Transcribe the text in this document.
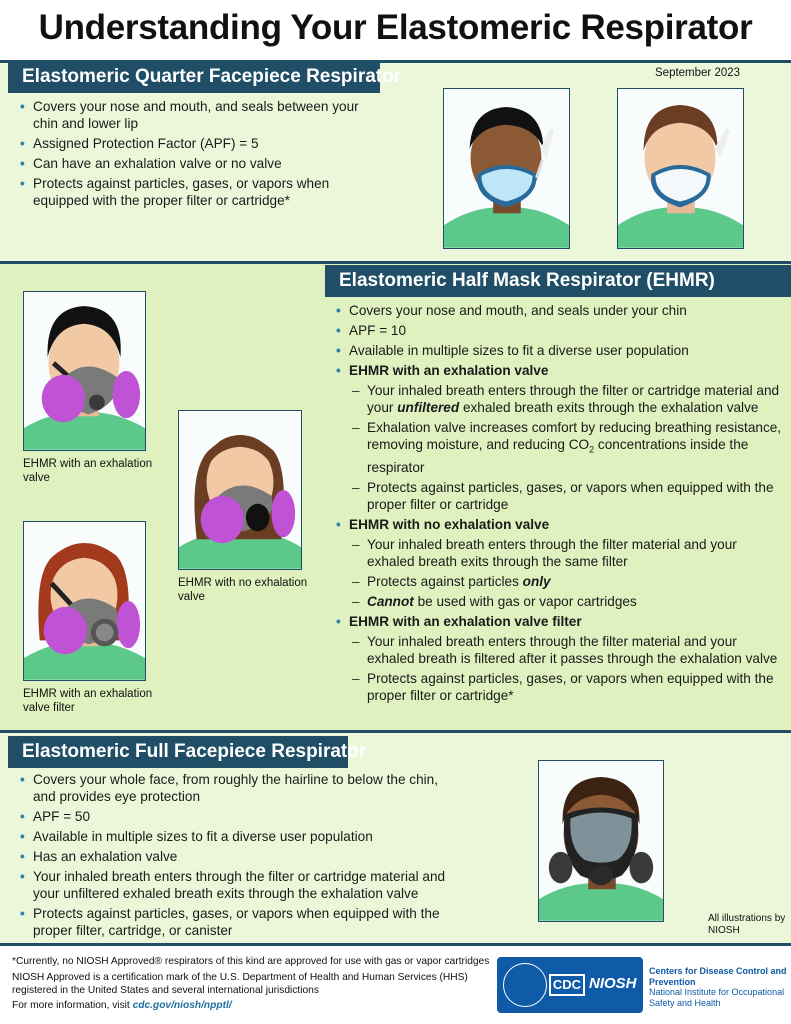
Understanding Your Elastomeric Respirator
Elastomeric Quarter Facepiece Respirator	September 2023
• Covers your nose and mouth, and seals between your chin and lower lip
• Assigned Protection Factor (APF) = 5
• Can have an exhalation valve or no valve
• Protects against particles, gases, or vapors when equipped with the proper filter or cartridge*
Elastomeric Half Mask Respirator (EHMR)
• Covers your nose and mouth, and seals under your chin
• APF = 10
• Available in multiple sizes to fit a diverse user population
• EHMR with an exhalation valve
– Your inhaled breath enters through the filter or cartridge material and your unfiltered exhaled breath exits through the exhalation valve
– Exhalation valve increases comfort by reducing breathing resistance, removing moisture, and reducing $CO_2$ concentrations inside the respirator
– Protects against particles, gases, or vapors when equipped with the proper filter or cartridge
• EHMR with no exhalation valve
– Your inhaled breath enters through the filter material and your exhaled breath exits through the same filter
– Protects against particles only
– Cannot be used with gas or vapor cartridges
• EHMR with an exhalation valve filter
– Your inhaled breath enters through the filter material and your exhaled breath is filtered after it passes through the exhalation valve
– Protects against particles, gases, or vapors when equipped with the proper filter or cartridge*
EHMR with an exhalation valve
EHMR with no exhalation valve
EHMR with an exhalation valve filter
Elastomeric Full Facepiece Respirator
• Covers your whole face, from roughly the hairline to below the chin, and provides eye protection
• APF = 50
• Available in multiple sizes to fit a diverse user population
• Has an exhalation valve
• Your inhaled breath enters through the filter or cartridge material and your unfiltered exhaled breath exits through the exhalation valve
• Protects against particles, gases, or vapors when equipped with the proper filter, cartridge, or canister
All illustrations by NIOSH
*Currently, no NIOSH Approved® respirators of this kind are approved for use with gas or vapor cartridges
NIOSH Approved is a certification mark of the U.S. Department of Health and Human Services (HHS) registered in the United States and several international jurisdictions
For more information, visit cdc.gov/niosh/npptl/
CDC NIOSH
Centers for Disease Control and Prevention
National Institute for Occupational Safety and Health
